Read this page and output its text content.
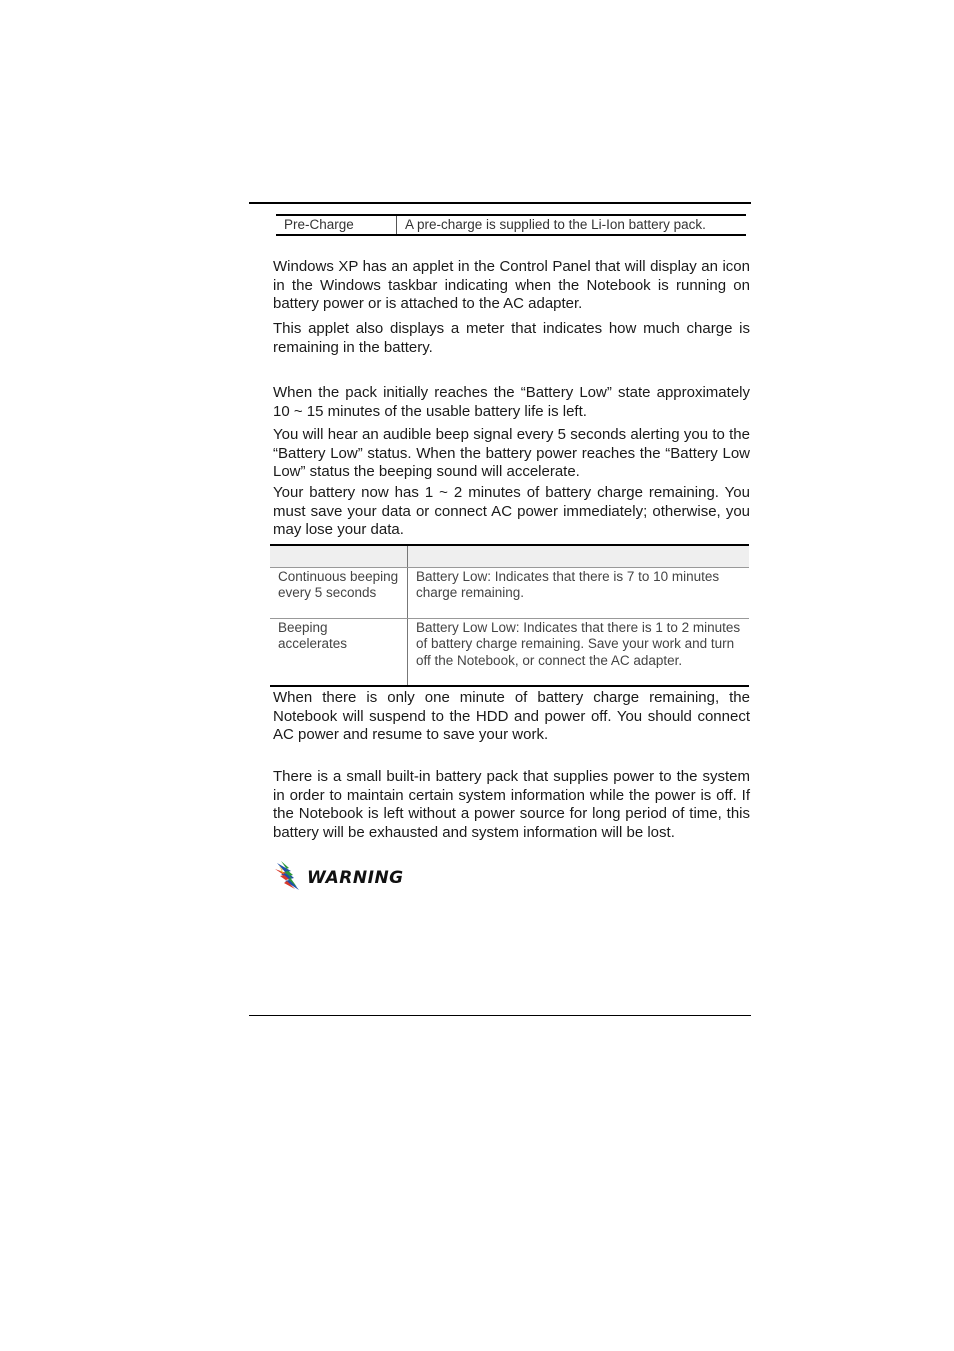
Pre-Charge	A pre-charge is supplied to the Li-Ion battery pack.

Windows XP has an applet in the Control Panel that will display an icon in the Windows taskbar indicating when the Notebook is running on battery power or is attached to the AC adapter.

This applet also displays a meter that indicates how much charge is remaining in the battery.

When the pack initially reaches the “Battery Low” state approximately 10 ~ 15 minutes of the usable battery life is left.

You will hear an audible beep signal every 5 seconds alerting you to the “Battery Low” status. When the battery power reaches the “Battery Low Low” status the beeping sound will accelerate.

Your battery now has 1 ~ 2 minutes of battery charge remaining. You must save your data or connect AC power immediately; otherwise, you may lose your data.

Continuous beeping every 5 seconds	Battery Low: Indicates that there is 7 to 10 minutes charge remaining.
Beeping accelerates	Battery Low Low: Indicates that there is 1 to 2 minutes of battery charge remaining. Save your work and turn off the Notebook, or connect the AC adapter.

When there is only one minute of battery charge remaining, the Notebook will suspend to the HDD and power off. You should connect AC power and resume to save your work.

There is a small built-in battery pack that supplies power to the system in order to maintain certain system information while the power is off. If the Notebook is left without a power source for long period of time, this battery will be exhausted and system information will be lost.

WARNING
